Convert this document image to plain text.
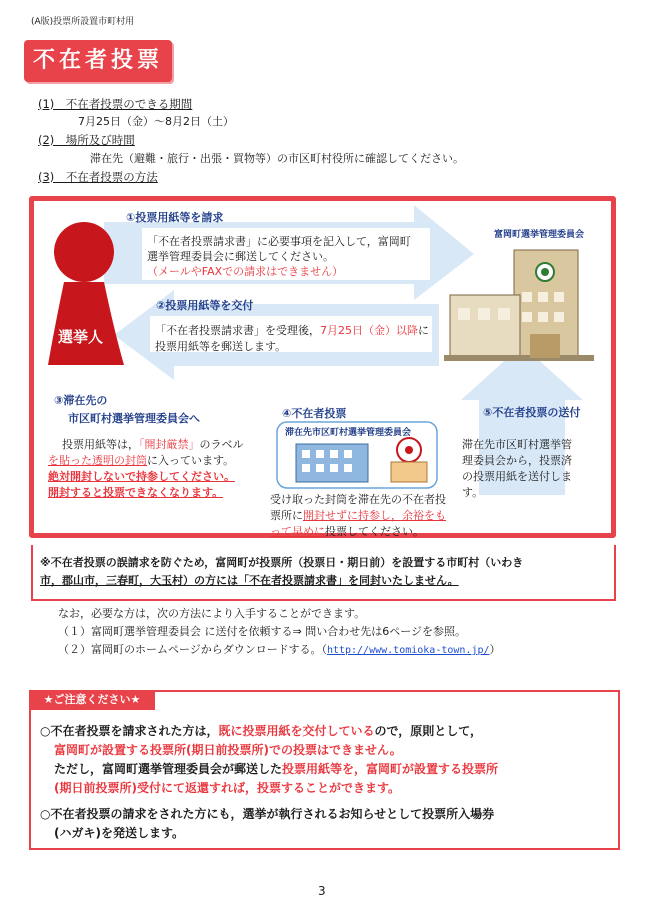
(A版)投票所設置市町村用
不在者投票
(1)　不在者投票のできる期間
7月25日（金）～8月2日（土）
(2)　場所及び時間
滞在先（避難・旅行・出張・買物等）の市区町村役所に確認してください。
(3)　不在者投票の方法
①投票用紙等を請求
「不在者投票請求書」に必要事項を記入して，富岡町
選挙管理委員会に郵送してください。
（メールやFAXでの請求はできません）
②投票用紙等を交付
「不在者投票請求書」を受理後，7月25日（金）以降に
投票用紙等を郵送します。
選挙人
富岡町選挙管理委員会
③滞在先の
市区町村選挙管理委員会へ
投票用紙等は，「開封厳禁」のラベル
を貼った透明の封筒に入っています。
絶対開封しないで持参してください。
開封すると投票できなくなります。
④不在者投票
滞在先市区町村選挙管理委員会
受け取った封筒を滞在先の不在者投
票所に開封せずに持参し，余裕をも
って早めに投票してください。
⑤不在者投票の送付
滞在先市区町村選挙管
理委員会から，投票済
の投票用紙を送付しま
す。
※不在者投票の誤請求を防ぐため，富岡町が投票所（投票日・期日前）を設置する市町村（いわき
市，郡山市，三春町，大玉村）の方には「不在者投票請求書」を同封いたしません。
なお，必要な方は，次の方法により入手することができます。
（１）富岡町選挙管理委員会 に送付を依頼する⇒ 問い合わせ先は6ページを参照。
（２）富岡町のホームページからダウンロードする。（http://www.tomioka-town.jp/）
★ご注意ください★
○不在者投票を請求された方は，既に投票用紙を交付しているので，原則として，
富岡町が設置する投票所(期日前投票所)での投票はできません。
ただし，富岡町選挙管理委員会が郵送した投票用紙等を，富岡町が設置する投票所
(期日前投票所)受付にて返還すれば，投票することができます。
○不在者投票の請求をされた方にも，選挙が執行されるお知らせとして投票所入場券
(ハガキ)を発送します。
3
